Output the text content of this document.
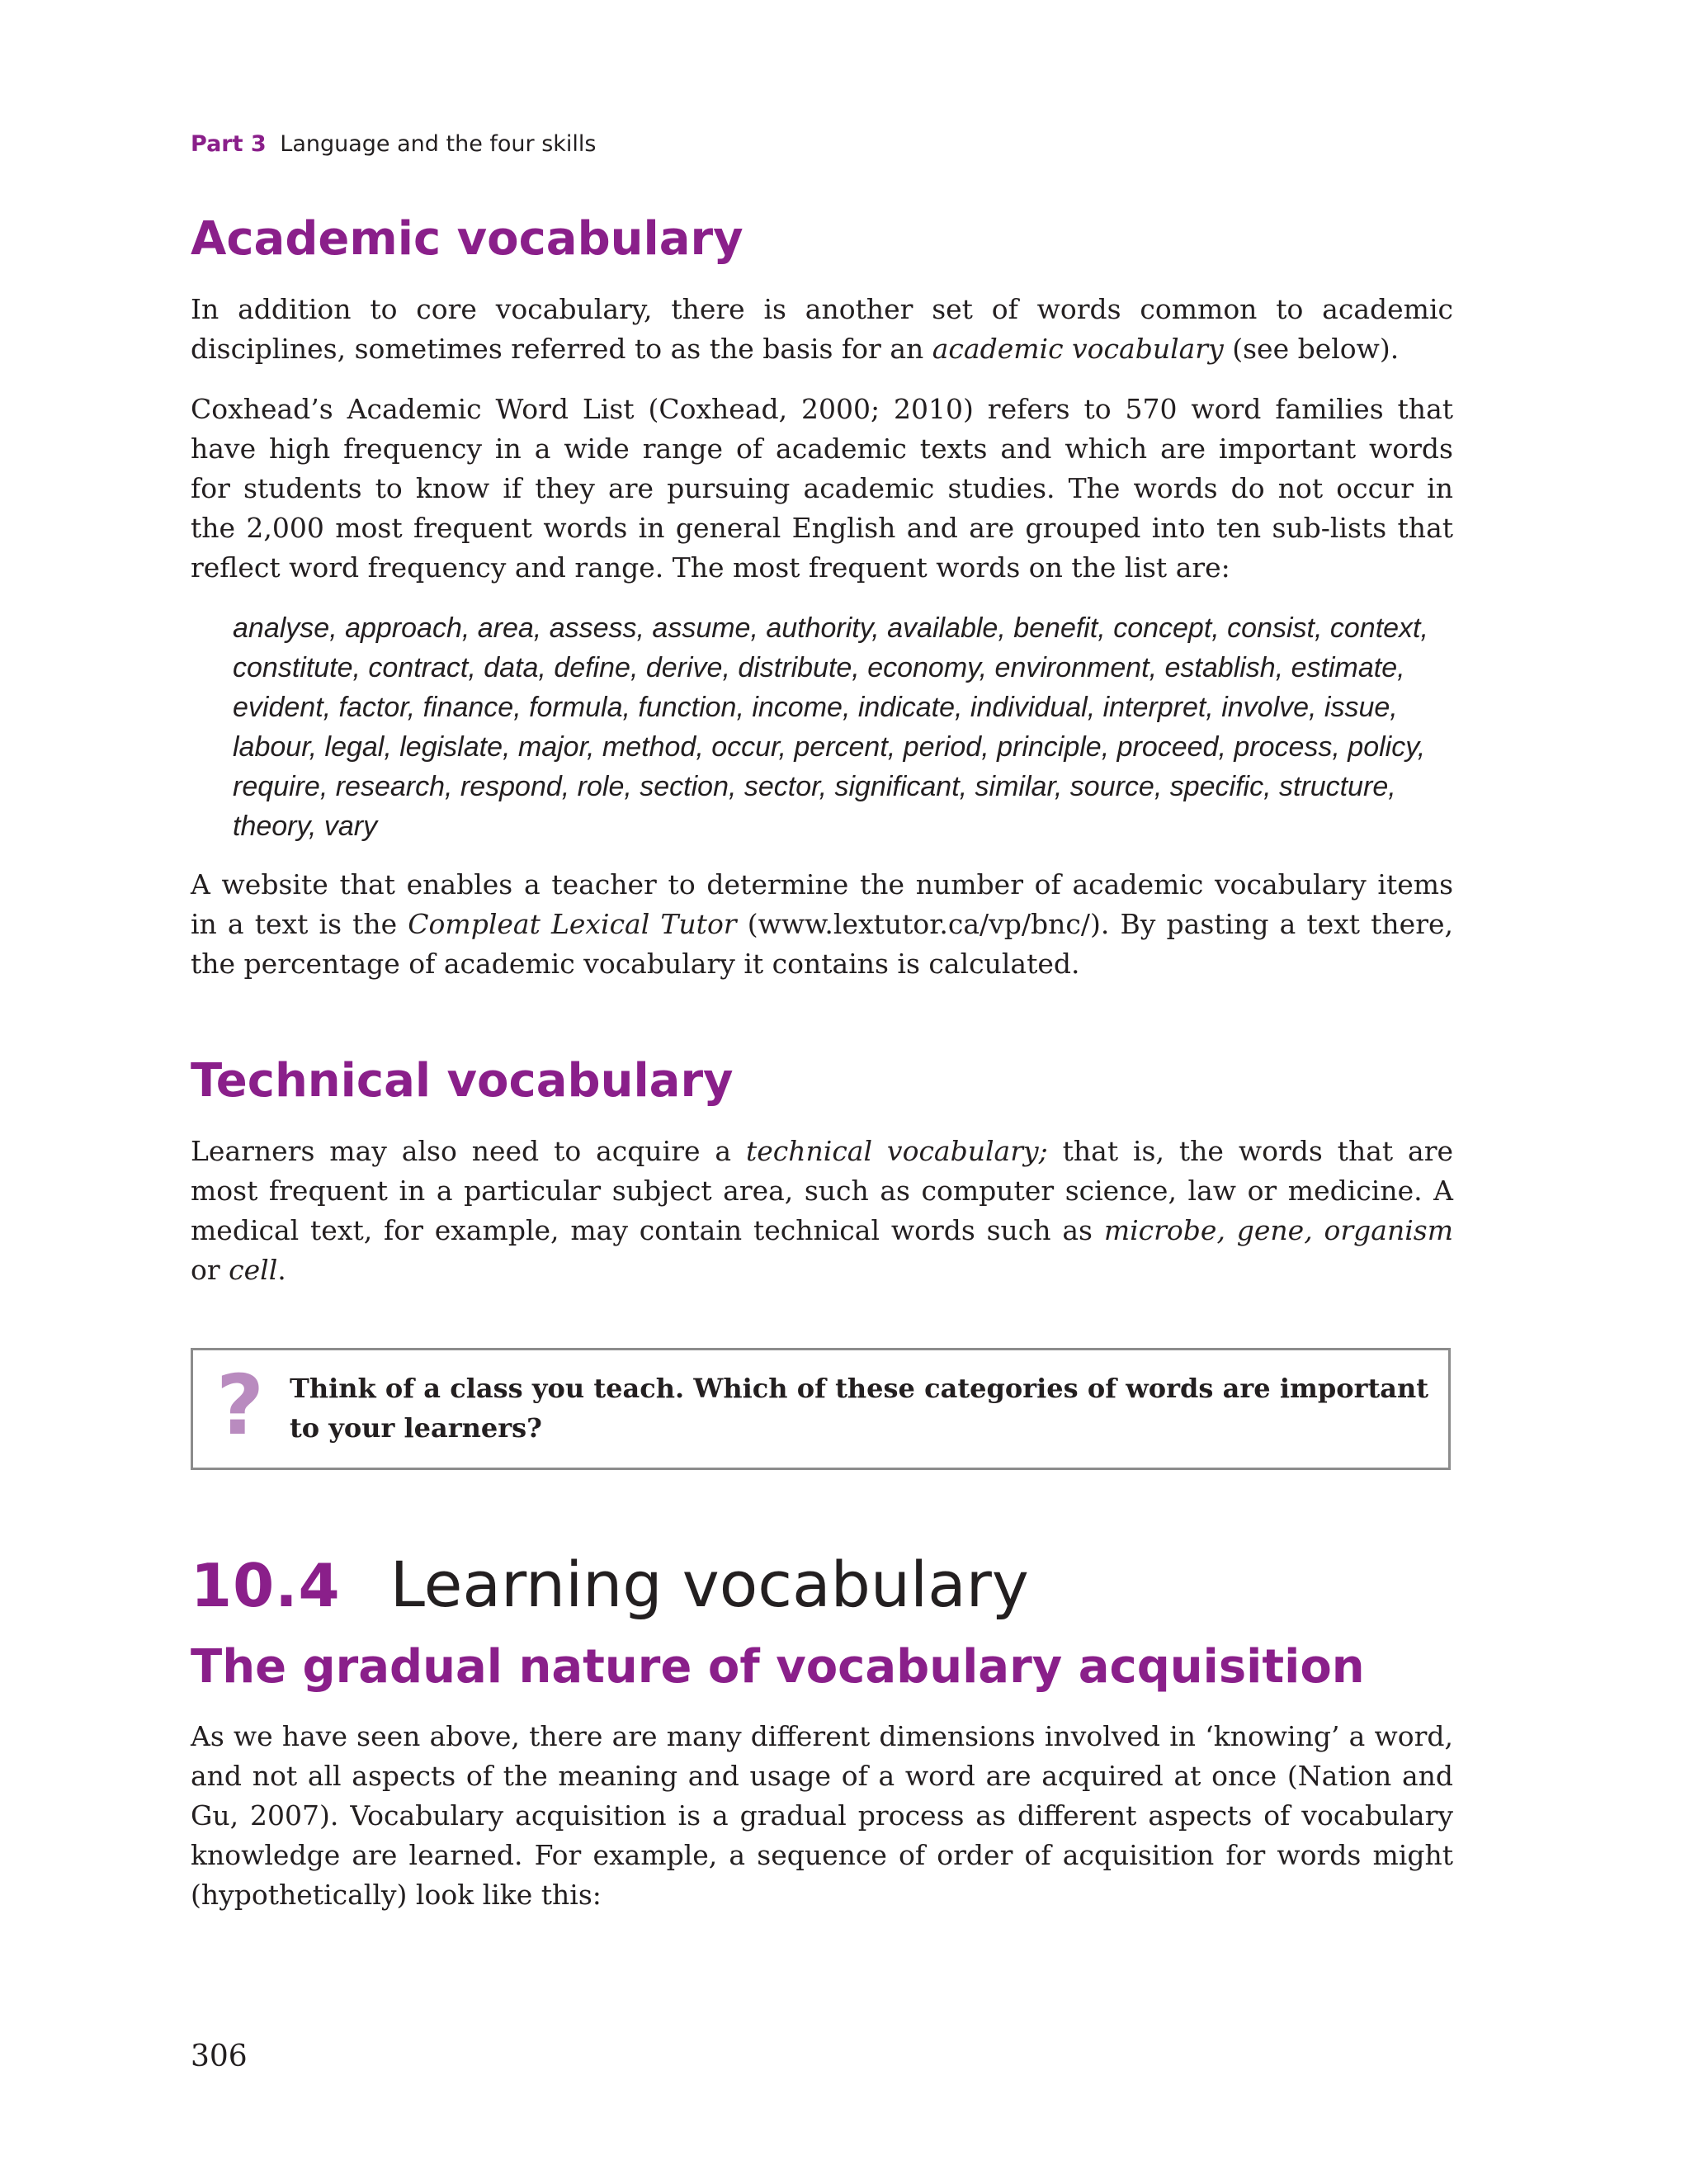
Part 3 Language and the four skills
Academic vocabulary

In addition to core vocabulary, there is another set of words common to academic
disciplines, sometimes referred to as the basis for an academic vocabulary (see below).

Coxhead’s Academic Word List (Coxhead, 2000; 2010) refers to 570 word families that
have high frequency in a wide range of academic texts and which are important words
for students to know if they are pursuing academic studies. The words do not occur in
the 2,000 most frequent words in general English and are grouped into ten sub-lists that
reflect word frequency and range. The most frequent words on the list are:

analyse, approach, area, assess, assume, authority, available, benefit, concept, consist, context,
constitute, contract, data, define, derive, distribute, economy, environment, establish, estimate,
evident, factor, finance, formula, function, income, indicate, individual, interpret, involve, issue,
labour, legal, legislate, major, method, occur, percent, period, principle, proceed, process, policy,
require, research, respond, role, section, sector, significant, similar, source, specific, structure,
theory, vary

A website that enables a teacher to determine the number of academic vocabulary items
in a text is the Compleat Lexical Tutor (www.lextutor.ca/vp/bnc/). By pasting a text there,
the percentage of academic vocabulary it contains is calculated.

Technical vocabulary

Learners may also need to acquire a technical vocabulary; that is, the words that are
most frequent in a particular subject area, such as computer science, law or medicine. A
medical text, for example, may contain technical words such as microbe, gene, organism
or cell.

? Think of a class you teach. Which of these categories of words are important
to your learners?
10.4 Learning vocabulary
The gradual nature of vocabulary acquisition

As we have seen above, there are many different dimensions involved in ‘knowing’ a word,
and not all aspects of the meaning and usage of a word are acquired at once (Nation and
Gu, 2007). Vocabulary acquisition is a gradual process as different aspects of vocabulary
knowledge are learned. For example, a sequence of order of acquisition for words might
(hypothetically) look like this:

306
